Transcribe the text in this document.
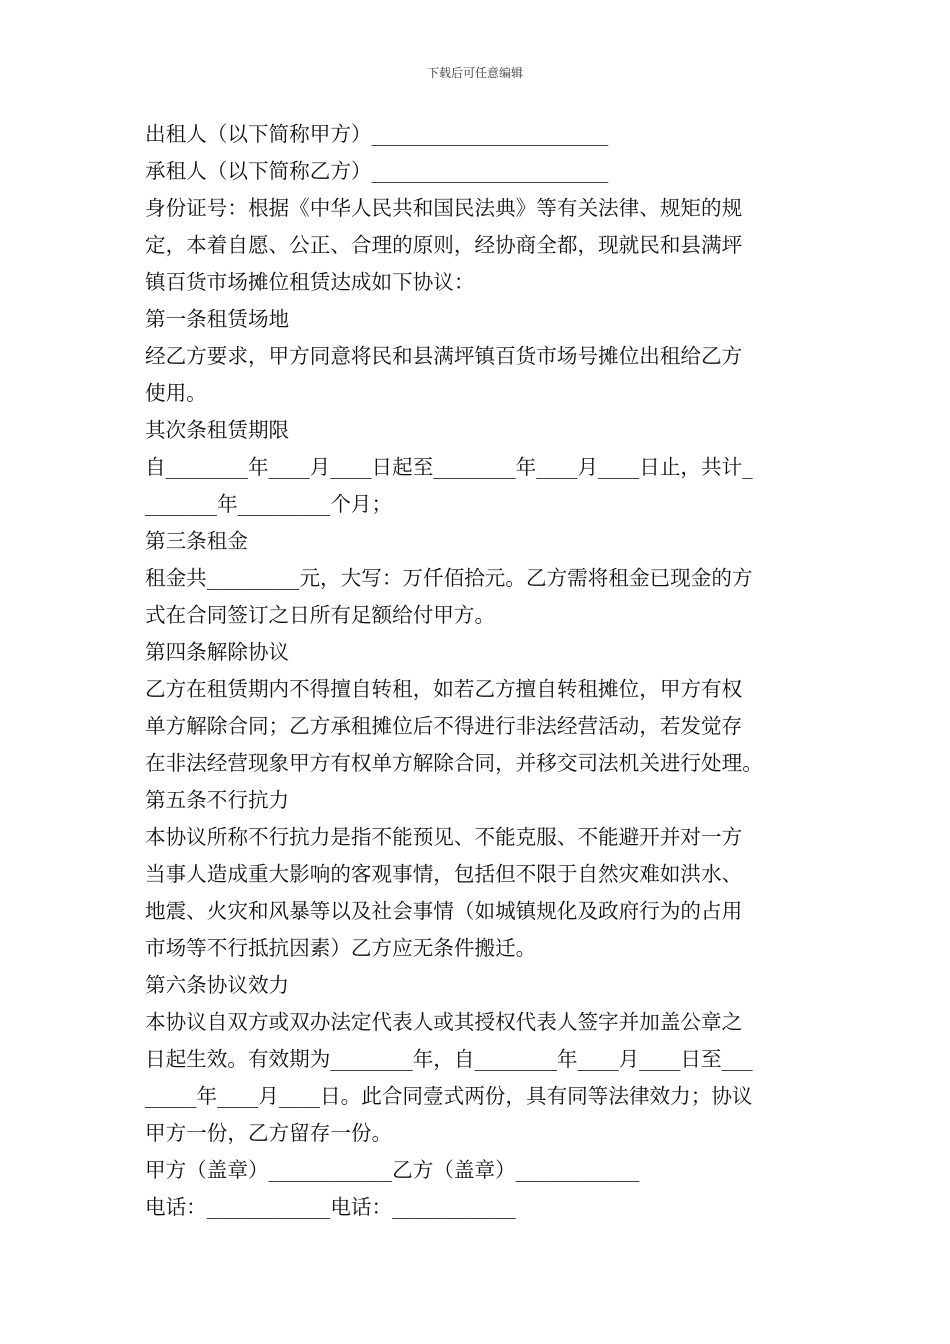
下载后可任意编辑
出租人（以下简称甲方）_______________________
承租人（以下简称乙方）_______________________
身份证号：根据《中华人民共和国民法典》等有关法律、规矩的规
定，本着自愿、公正、合理的原则，经协商全都，现就民和县满坪
镇百货市场摊位租赁达成如下协议：
第一条租赁场地
经乙方要求，甲方同意将民和县满坪镇百货市场号摊位出租给乙方
使用。
其次条租赁期限
自________年____月____日起至________年____月____日止，共计_
_______年_________个月；
第三条租金
租金共_________元，大写：万仟佰拾元。乙方需将租金已现金的方
式在合同签订之日所有足额给付甲方。
第四条解除协议
乙方在租赁期内不得擅自转租，如若乙方擅自转租摊位，甲方有权
单方解除合同；乙方承租摊位后不得进行非法经营活动，若发觉存
在非法经营现象甲方有权单方解除合同，并移交司法机关进行处理。
第五条不行抗力
本协议所称不行抗力是指不能预见、不能克服、不能避开并对一方
当事人造成重大影响的客观事情，包括但不限于自然灾难如洪水、
地震、火灾和风暴等以及社会事情（如城镇规化及政府行为的占用
市场等不行抵抗因素）乙方应无条件搬迁。
第六条协议效力
本协议自双方或双办法定代表人或其授权代表人签字并加盖公章之
日起生效。有效期为________年，自________年____月____日至___
_____年____月____日。此合同壹式两份，具有同等法律效力；协议
甲方一份，乙方留存一份。
甲方（盖章）____________乙方（盖章）____________
电话：____________电话：____________
